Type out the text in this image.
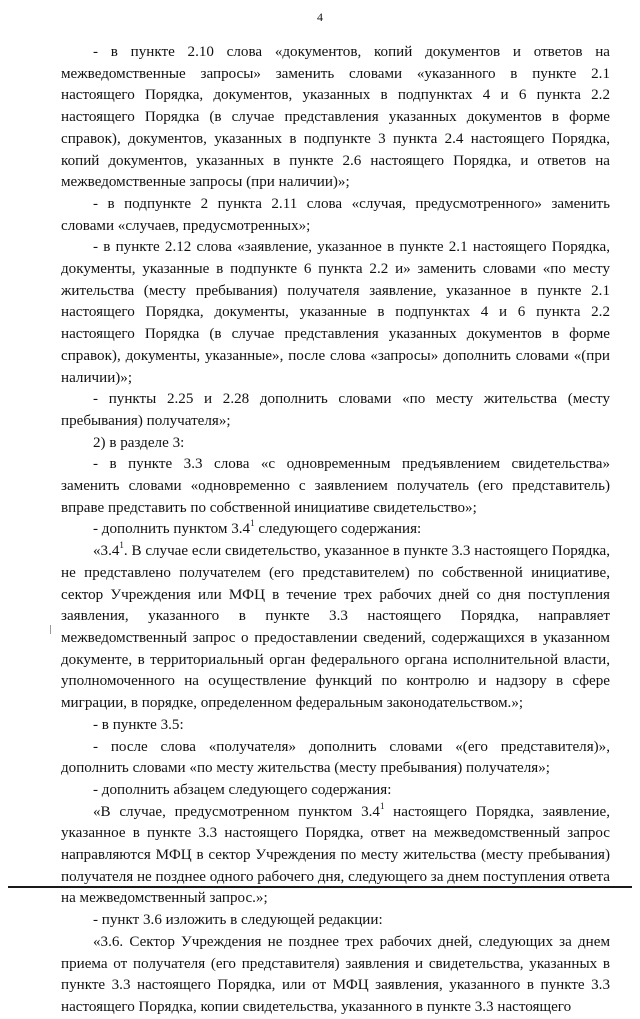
4

- в пункте 2.10 слова «документов, копий документов и ответов на межведомственные запросы» заменить словами «указанного в пункте 2.1 настоящего Порядка, документов, указанных в подпунктах 4 и 6 пункта 2.2 настоящего Порядка (в случае представления указанных документов в форме справок), документов, указанных в подпункте 3 пункта 2.4 настоящего Порядка, копий документов, указанных в пункте 2.6 настоящего Порядка, и ответов на межведомственные запросы (при наличии)»;

- в подпункте 2 пункта 2.11 слова «случая, предусмотренного» заменить словами «случаев, предусмотренных»;

- в пункте 2.12 слова «заявление, указанное в пункте 2.1 настоящего Порядка, документы, указанные в подпункте 6 пункта 2.2 и» заменить словами «по месту жительства (месту пребывания) получателя заявление, указанное в пункте 2.1 настоящего Порядка, документы, указанные в подпунктах 4 и 6 пункта 2.2 настоящего Порядка (в случае представления указанных документов в форме справок), документы, указанные», после слова «запросы» дополнить словами «(при наличии)»;

- пункты 2.25 и 2.28 дополнить словами «по месту жительства (месту пребывания) получателя»;

2) в разделе 3:

- в пункте 3.3 слова «с одновременным предъявлением свидетельства» заменить словами «одновременно с заявлением получатель (его представитель) вправе представить по собственной инициативе свидетельство»;

- дополнить пунктом $3.4^1$ следующего содержания:

«$3.4^1$. В случае если свидетельство, указанное в пункте 3.3 настоящего Порядка, не представлено получателем (его представителем) по собственной инициативе, сектор Учреждения или МФЦ в течение трех рабочих дней со дня поступления заявления, указанного в пункте 3.3 настоящего Порядка, направляет межведомственный запрос о предоставлении сведений, содержащихся в указанном документе, в территориальный орган федерального органа исполнительной власти, уполномоченного на осуществление функций по контролю и надзору в сфере миграции, в порядке, определенном федеральным законодательством.»;

- в пункте 3.5:

- после слова «получателя» дополнить словами «(его представителя)», дополнить словами «по месту жительства (месту пребывания) получателя»;

- дополнить абзацем следующего содержания:

«В случае, предусмотренном пунктом $3.4^1$ настоящего Порядка, заявление, указанное в пункте 3.3 настоящего Порядка, ответ на межведомственный запрос направляются МФЦ в сектор Учреждения по месту жительства (месту пребывания) получателя не позднее одного рабочего дня, следующего за днем поступления ответа на межведомственный запрос.»;

- пункт 3.6 изложить в следующей редакции:

«3.6. Сектор Учреждения не позднее трех рабочих дней, следующих за днем приема от получателя (его представителя) заявления и свидетельства, указанных в пункте 3.3 настоящего Порядка, или от МФЦ заявления, указанного в пункте 3.3 настоящего Порядка, копии свидетельства, указанного в пункте 3.3 настоящего
